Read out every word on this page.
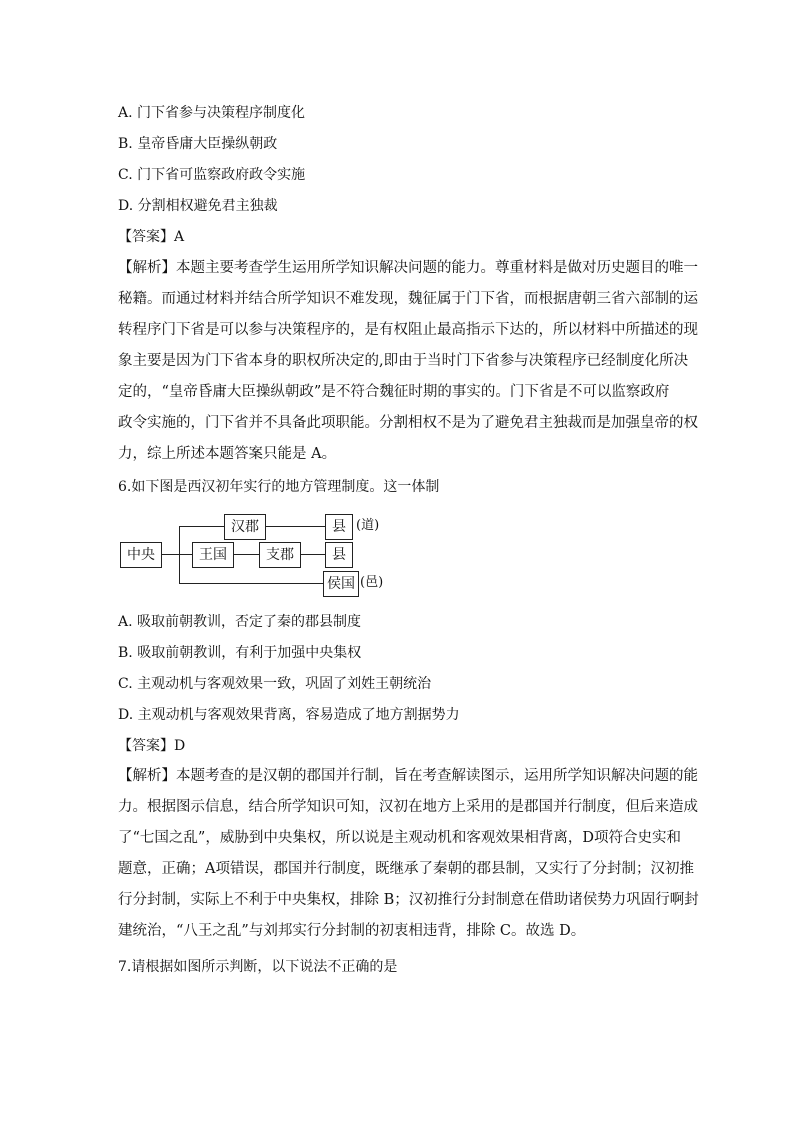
A. 门下省参与决策程序制度化
B. 皇帝昏庸大臣操纵朝政
C. 门下省可监察政府政令实施
D. 分割相权避免君主独裁
【答案】A
【解析】本题主要考查学生运用所学知识解决问题的能力。尊重材料是做对历史题目的唯一
秘籍。而通过材料并结合所学知识不难发现，魏征属于门下省，而根据唐朝三省六部制的运
转程序门下省是可以参与决策程序的，是有权阻止最高指示下达的，所以材料中所描述的现
象主要是因为门下省本身的职权所决定的,即由于当时门下省参与决策程序已经制度化所决
定的，“皇帝昏庸大臣操纵朝政”是不符合魏征时期的事实的。门下省是不可以监察政府
政令实施的，门下省并不具备此项职能。分割相权不是为了避免君主独裁而是加强皇帝的权
力，综上所述本题答案只能是 A。
6.如下图是西汉初年实行的地方管理制度。这一体制
中央
汉郡	县 (道)
王国	支郡	县
侯国 (邑)
A. 吸取前朝教训，否定了秦的郡县制度
B. 吸取前朝教训，有利于加强中央集权
C. 主观动机与客观效果一致，巩固了刘姓王朝统治
D. 主观动机与客观效果背离，容易造成了地方割据势力
【答案】D
【解析】本题考查的是汉朝的郡国并行制，旨在考查解读图示，运用所学知识解决问题的能
力。根据图示信息，结合所学知识可知，汉初在地方上采用的是郡国并行制度，但后来造成
了“七国之乱”，威胁到中央集权，所以说是主观动机和客观效果相背离，D项符合史实和
题意，正确；A项错误，郡国并行制度，既继承了秦朝的郡县制，又实行了分封制；汉初推
行分封制，实际上不利于中央集权，排除 B；汉初推行分封制意在借助诸侯势力巩固行啊封
建统治，“八王之乱”与刘邦实行分封制的初衷相违背，排除 C。故选 D。
7.请根据如图所示判断，以下说法不正确的是
